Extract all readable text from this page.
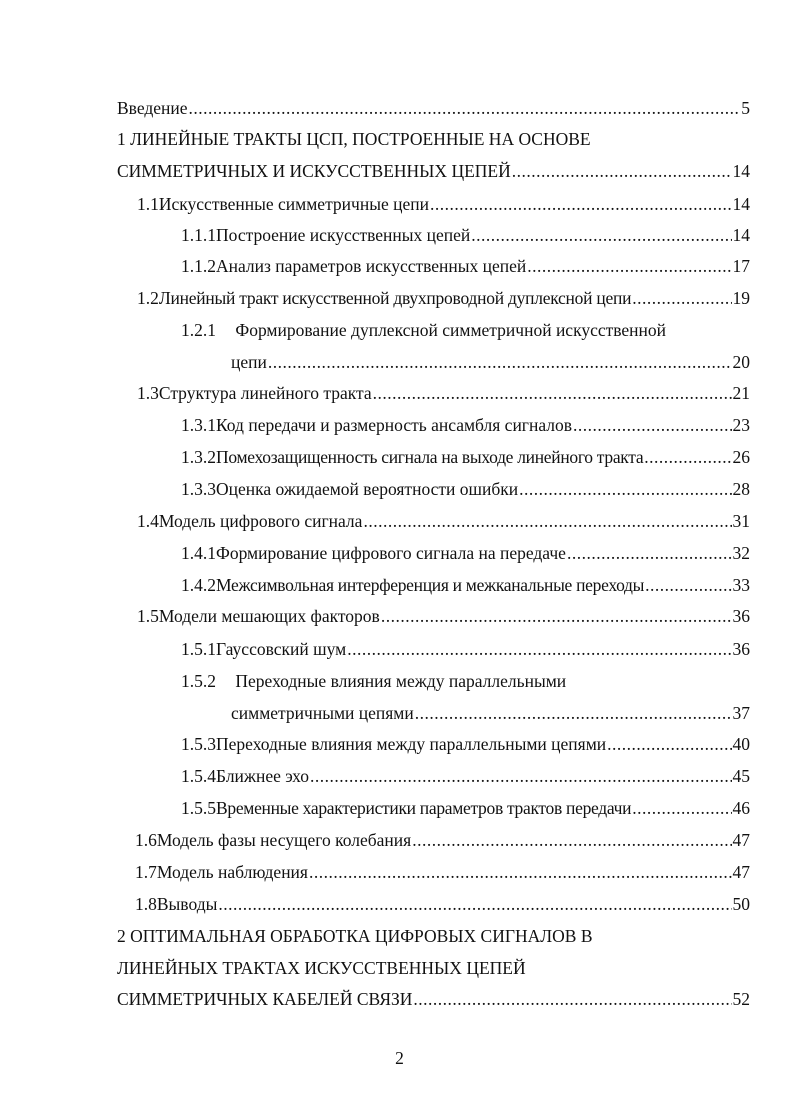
Введение .....	5
1 ЛИНЕЙНЫЕ ТРАКТЫ ЦСП, ПОСТРОЕННЫЕ НА ОСНОВЕ
СИММЕТРИЧНЫХ И ИСКУССТВЕННЫХ ЦЕПЕЙ .....	14
1.1 Искусственные симметричные цепи .....	14
1.1.1 Построение искусственных цепей .....	14
1.1.2 Анализ параметров искусственных цепей .....	17
1.2 Линейный тракт искусственной двухпроводной дуплексной цепи .....	19
1.2.1 Формирование дуплексной симметричной искусственной
цепи .....	20
1.3 Структура линейного тракта .....	21
1.3.1 Код передачи и размерность ансамбля сигналов .....	23
1.3.2 Помехозащищенность сигнала на выходе линейного тракта .....	26
1.3.3 Оценка ожидаемой вероятности ошибки .....	28
1.4 Модель цифрового сигнала .....	31
1.4.1 Формирование цифрового сигнала на передаче .....	32
1.4.2 Межсимвольная интерференция и межканальные переходы .....	33
1.5 Модели мешающих факторов .....	36
1.5.1 Гауссовский шум .....	36
1.5.2 Переходные влияния между параллельными
симметричными цепями .....	37
1.5.3 Переходные влияния между параллельными цепями .....	40
1.5.4 Ближнее эхо .....	45
1.5.5 Временные характеристики параметров трактов передачи .....	46
1.6 Модель фазы несущего колебания .....	47
1.7 Модель наблюдения .....	47
1.8 Выводы .....	50
2 ОПТИМАЛЬНАЯ ОБРАБОТКА ЦИФРОВЫХ СИГНАЛОВ В
ЛИНЕЙНЫХ ТРАКТАХ ИСКУССТВЕННЫХ ЦЕПЕЙ
СИММЕТРИЧНЫХ КАБЕЛЕЙ СВЯЗИ .....	52
2
